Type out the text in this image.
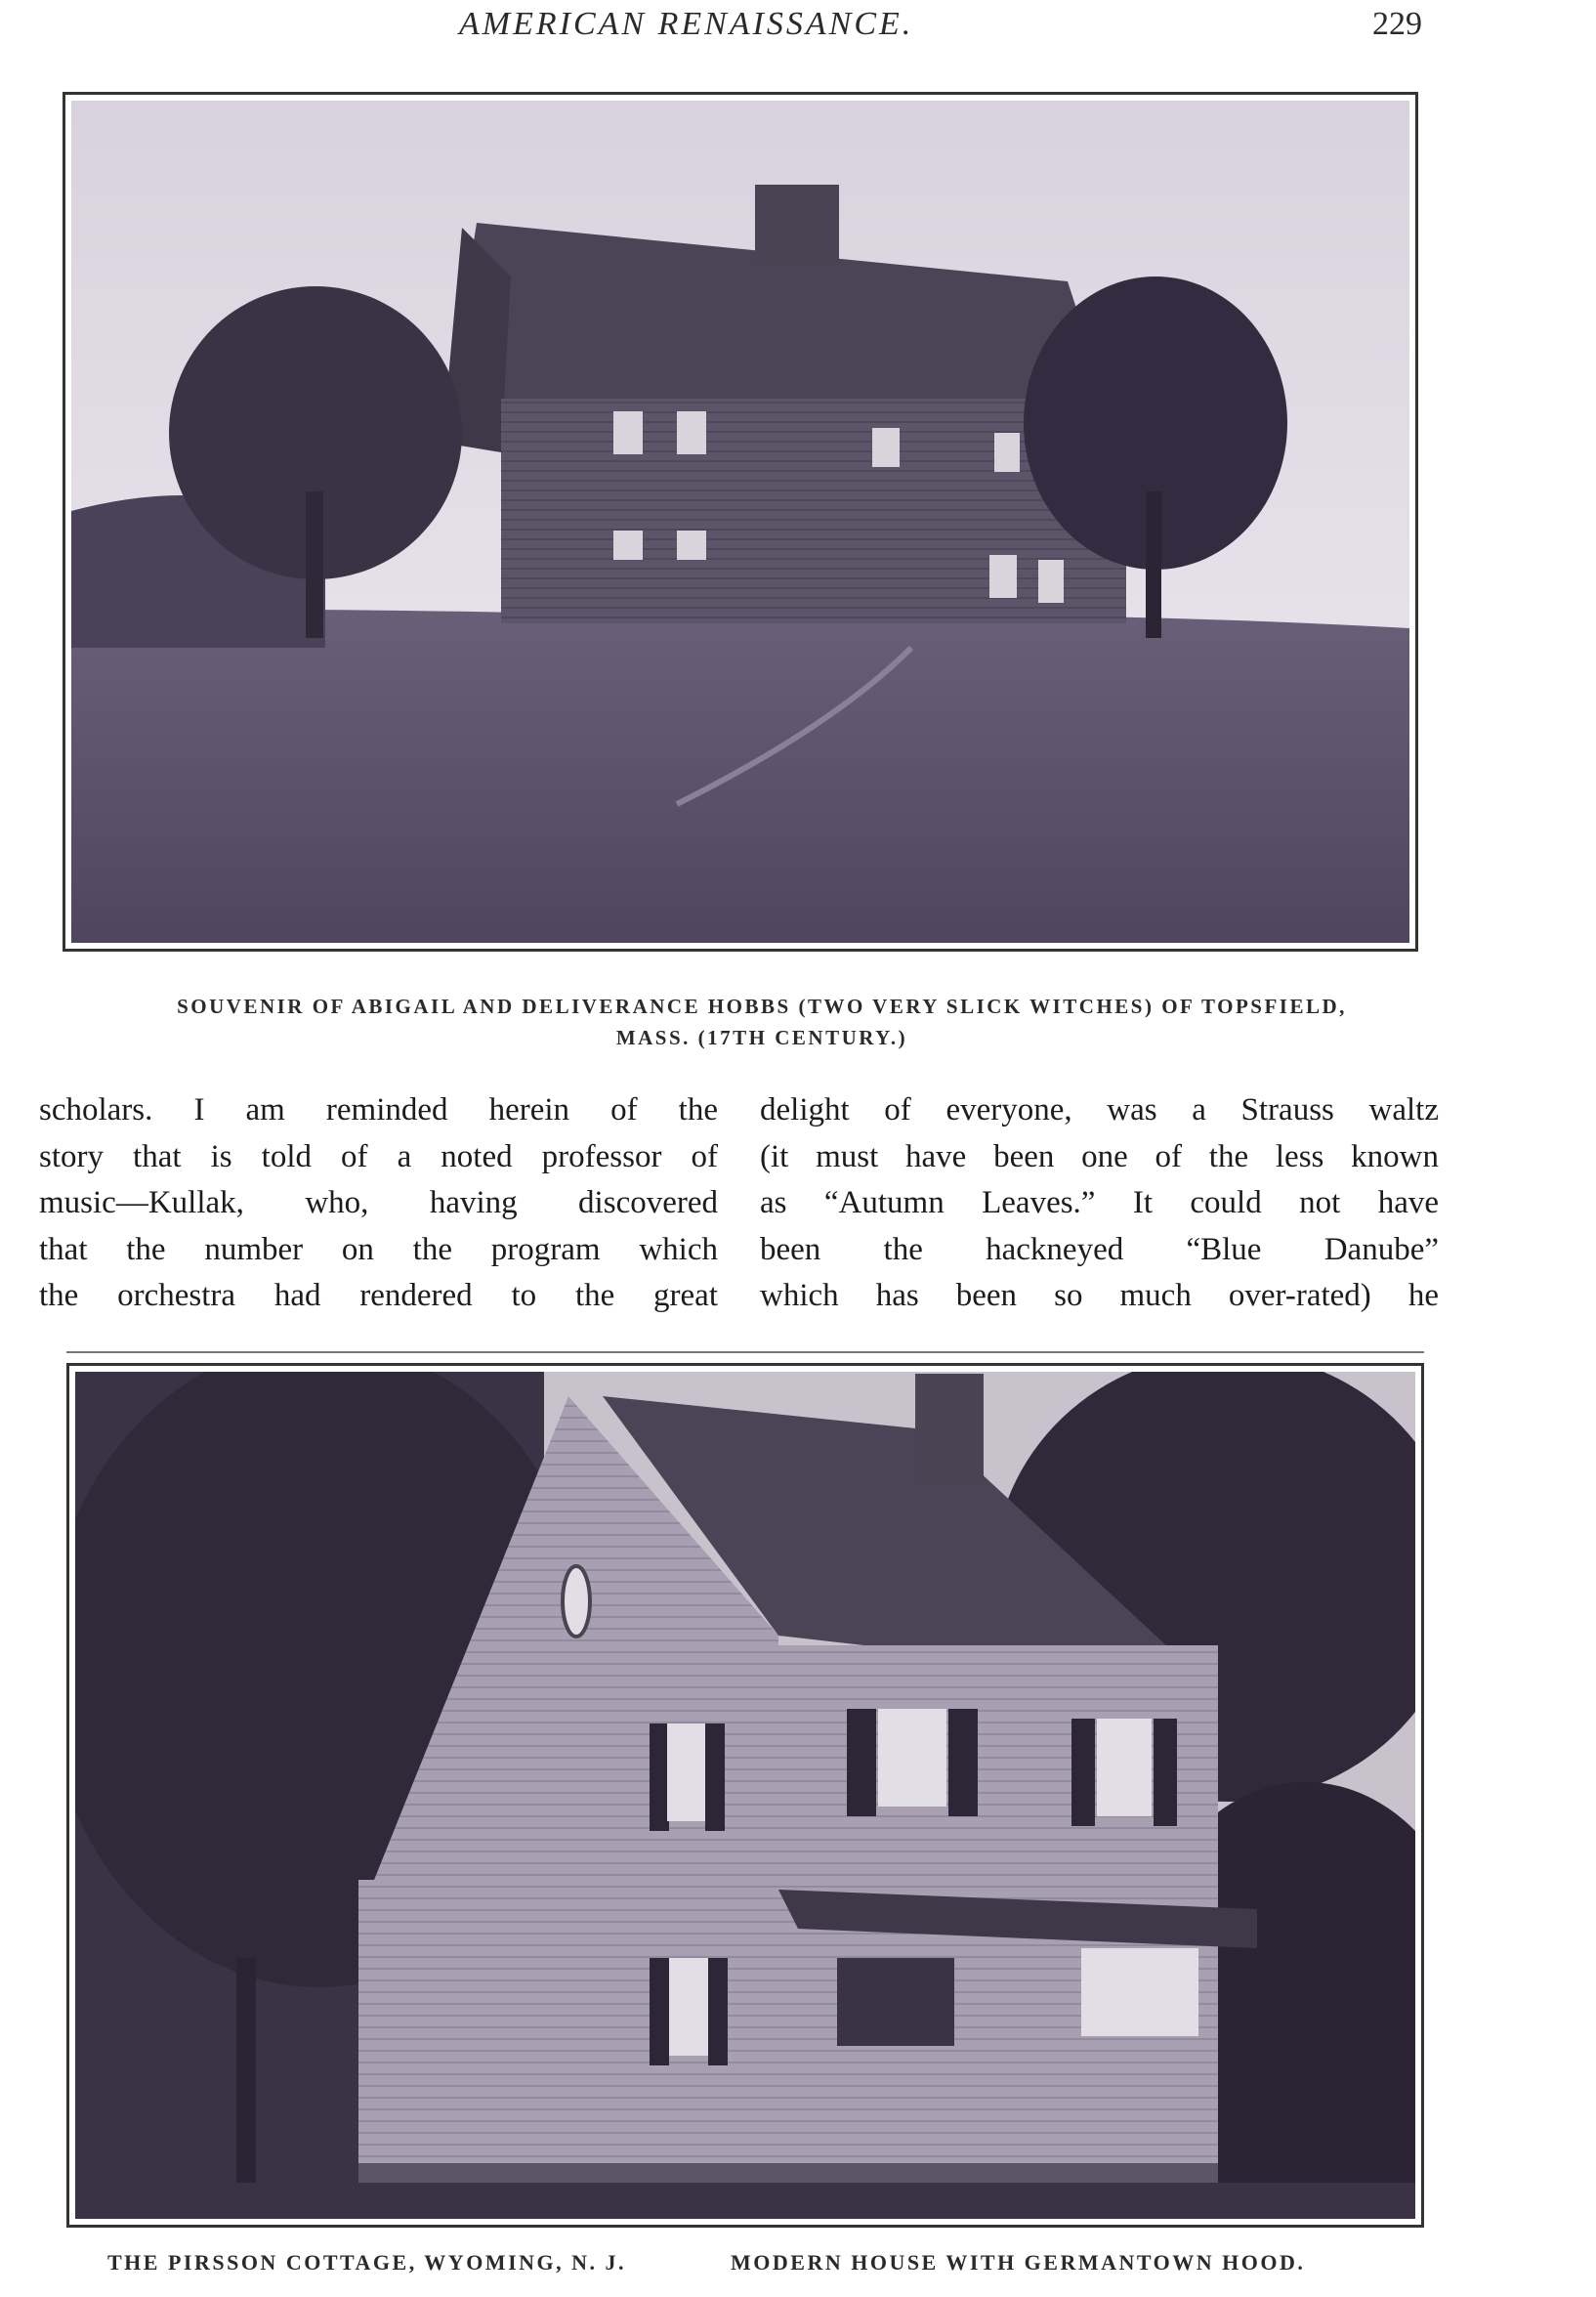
AMERICAN RENAISSANCE.	229
SOUVENIR OF ABIGAIL AND DELIVERANCE HOBBS (TWO VERY SLICK WITCHES) OF TOPSFIELD,
MASS. (17TH CENTURY.)
scholars. I am reminded herein of the
story that is told of a noted professor of
music—Kullak, who, having discovered
that the number on the program which
the orchestra had rendered to the great
delight of everyone, was a Strauss waltz
(it must have been one of the less known
as “Autumn Leaves.” It could not have
been the hackneyed “Blue Danube”
which has been so much over-rated) he
THE PIRSSON COTTAGE, WYOMING, N. J.	MODERN HOUSE WITH GERMANTOWN HOOD.
